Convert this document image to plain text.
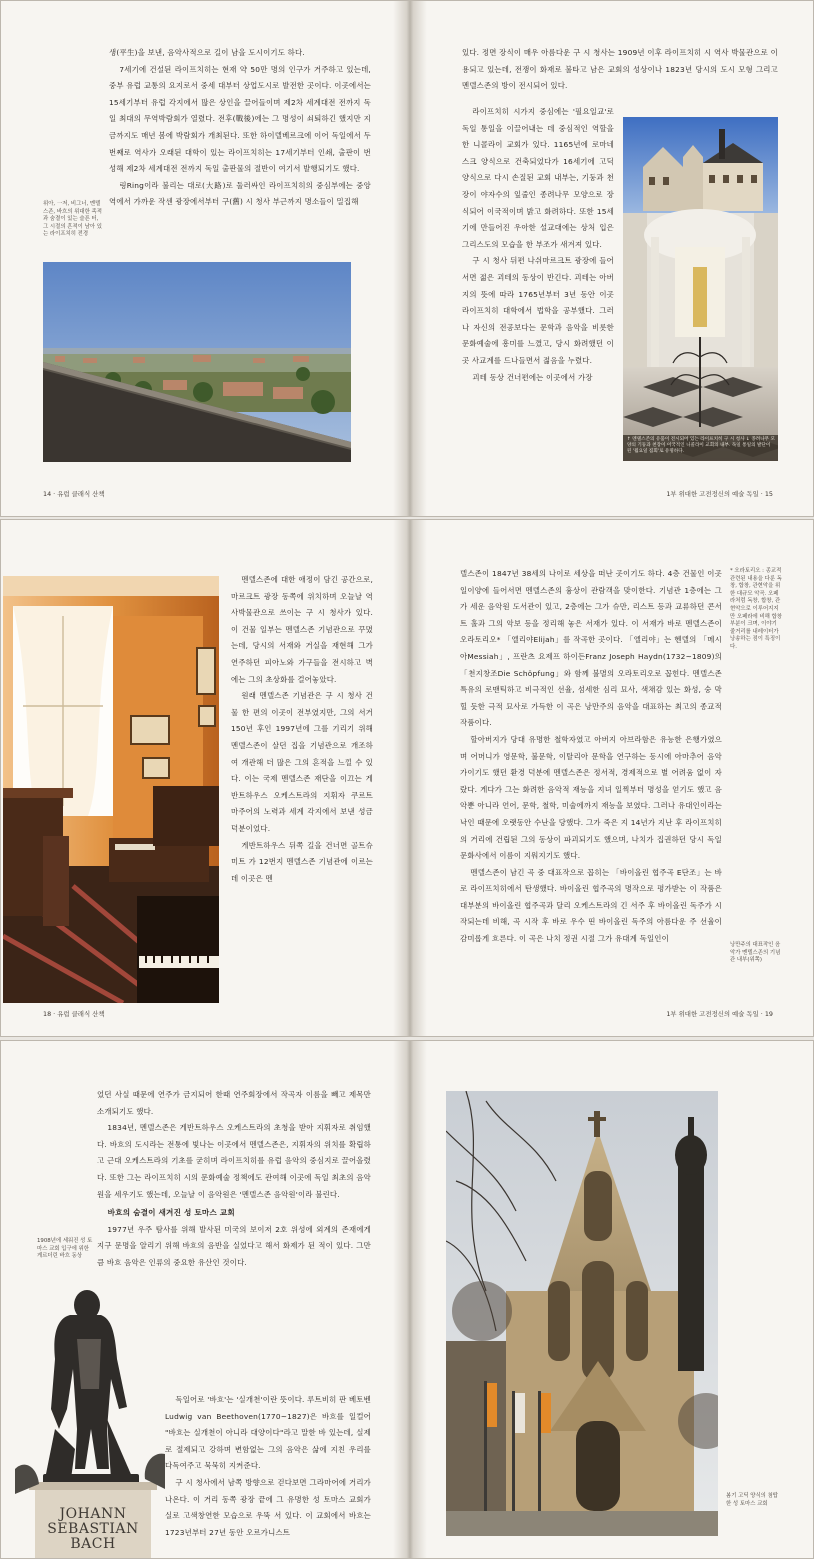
생(平生)을 보낸, 음악사적으로 길이 남을 도시이기도 하다.

7세기에 건설된 라이프치히는 현재 약 50만 명의 인구가 거주하고 있는데, 중부 유럽 교통의 요지로서 중세 대부터 상업도시로 발전한 곳이다. 이곳에서는 15세기부터 유럽 각지에서 많은 상인을 끌어들이며 제2차 세계대전 전까지 독일 최대의 무역박람회가 열렸다. 전후(戰後)에는 그 명성이 쇠퇴하긴 했지만 지금까지도 매년 봄에 박람회가 개최된다. 또한 하이델베르크에 이어 독일에서 두번째로 역사가 오래된 대학이 있는 라이프치히는 17세기부터 인쇄, 출판이 번성해 제2차 세계대전 전까지 독일 출판물의 절반이 여기서 발행되기도 했다.

링Ring이라 불리는 대로(大路)로 둘러싸인 라이프치히의 중심부에는 중앙역에서 가까운 작센 광장에서부터 구(舊) 시 청사 부근까지 명소들이 밀집해

위아, 一저, 비그너, 멘델스존, 바흐의 위대한 족적과 숨결이 있는 슬픈 터, 그 시절의 흔적이 남아 있는 라이프치히 전경
14 · 유럽 클래식 산책

있다. 정면 장식이 매우 아름다운 구 시 청사는 1909년 이후 라이프치히 시 역사 박물관으로 이용되고 있는데, 전쟁이 화재로 불타고 남은 교회의 성상이나 1823년 당시의 도시 모형 그리고 멘델스존의 방이 전시되어 있다.

라이프치히 시가지 중심에는 '필요일교'로 독일 통일을 이끌어내는 데 중심적인 역할을 한 니콜라이 교회가 있다. 1165년에 로마네스크 양식으로 건축되었다가 16세기에 고딕 양식으로 다시 손질된 교회 내부는, 기둥과 천장이 야자수의 잎줄인 종려나무 모양으로 장식되어 이국적이며 밝고 화려하다. 또한 15세기에 만들어진 우아한 설교대에는 상처 입은 그리스도의 모습을 한 부조가 새겨져 있다.

구 시 청사 뒤편 나쉬마르크트 광장에 들어서면 젊은 괴테의 동상이 반긴다. 괴테는 아버지의 뜻에 따라 1765년부터 3년 동안 이곳 라이프치히 대학에서 법학을 공부했다. 그러나 자신의 전공보다는 문학과 음악을 비롯한 문화예술에 흥미를 느꼈고, 당시 화려했던 이곳 사교계를 드나들면서 젊음을 누렸다.

괴테 동상 건너편에는 이곳에서 가장

↑ 멘델스존의 유품이 전시되어 있는 라이프치히 구 시 청사 ↓ 종려나무 모양의 기둥과 천장이 이국적인 니콜라이 교회의 내부. 독일 통일의 발단이 된 '월요일 집회'로 유명하다.
1부 위대한 고전정신의 예술 독일 · 15

멘델스존에 대한 애정이 담긴 공간으로, 마르크트 광장 동쪽에 위치하며 오늘날 역사박물관으로 쓰이는 구 시 청사가 있다. 이 건물 일부는 멘델스존 기념관으로 꾸몄는데, 당시의 서재와 거실을 재현해 그가 연주하던 피아노와 가구들을 전시하고 벽에는 그의 초상화를 걸어놓았다.

원래 멘델스존 기념관은 구 시 청사 건물 한 편의 이곳이 전부였지만, 그의 서거 150년 후인 1997년에 그를 기리기 위해 멘델스존이 살던 집을 기념관으로 개조하여 개관해 더 많은 그의 흔적을 느낄 수 있다. 이는 국제 멘델스존 재단을 이끄는 게반트하우스 오케스트라의 지휘자 쿠르트 마주어의 노력과 세계 각지에서 보낸 성금 덕분이었다.

게반트하우스 뒤쪽 길을 건너면 골트슈미트 가 12번지 멘델스존 기념관에 이르는데 이곳은 멘

18 · 유럽 클래식 산책

델스존이 1847년 38세의 나이로 세상을 떠난 곳이기도 하다. 4층 건물인 이곳 일이양에 들어서면 멘델스존의 흉상이 관람객을 맞이한다. 기념관 1층에는 그가 세운 음악원 도서관이 있고, 2층에는 그가 슈만, 리스트 등과 교류하던 콘서트 홀과 그의 악보 등을 정리해 놓은 서재가 있다. 이 서재가 바로 멘델스존이 오라토리오* 「엘리야Elijah」를 작곡한 곳이다. 「엘리야」는 헨델의 「메시아Messiah」, 프란츠 요제프 하이든Franz Joseph Haydn(1732~1809)의 「천지창조Die Schöpfung」와 함께 불멸의 오라토리오로 꼽힌다. 멘델스존 특유의 로맨틱하고 비극적인 선율, 섬세한 심리 묘사, 색채감 있는 화성, 숭 막힐 듯한 극적 묘사로 가득한 이 곡은 낭만주의 음악을 대표하는 최고의 종교적 작품이다.

할아버지가 당대 유명한 철학자였고 아버지 아브라함은 유능한 은행가였으며 어머니가 영문학, 불문학, 이탈리아 문학을 연구하는 동시에 아마추어 음악가이기도 했던 환경 덕분에 멘델스존은 정서적, 경제적으로 별 어려움 없이 자랐다. 게다가 그는 화려한 음악적 재능을 지녀 일찍부터 명성을 얻기도 했고 음악뿐 아니라 언어, 문학, 철학, 미술에까지 재능을 보였다. 그러나 유대인이라는 낙인 때문에 오랫동안 수난을 당했다. 그가 죽은 지 14년가 지난 후 라이프치히의 거리에 건립된 그의 동상이 파괴되기도 했으며, 나치가 집권하던 당시 독일 문화사에서 이름이 지워지기도 했다.

멘델스존이 남긴 곡 중 대표작으로 꼽히는 「바이올린 협주곡 E단조」는 바로 라이프치히에서 탄생했다. 바이올린 협주곡의 명작으로 평가받는 이 작품은 대부분의 바이올린 협주곡과 달리 오케스트라의 긴 서주 후 바이올린 독주가 시작되는데 비해, 곡 시작 후 바로 우수 띤 바이올린 독주의 아름다운 주 선율이 감미롭게 흐른다. 이 곡은 나치 정권 시절 그가 유대계 독일인이

* 오라토리오 : 종교적 관련된 내용을 다룬 독창, 합창, 관현악을 위한 대규모 악곡. 오페라처럼 독창, 합창, 관현악으로 이루어지지만 오페라에 비해 합창 부분이 크며, 이야기 줄거리를 내레이터가 낭송하는 점이 특징이다.
낭만주의 대표작인 음악가 멘델스존의 기념관 내부(위쪽)
1부 위대한 고전정신의 예술 독일 · 19

었던 사실 때문에 연주가 금지되어 한때 연주회장에서 작곡자 이름을 빼고 제목만 소개되기도 했다.

1834년, 멘델스존은 게반트하우스 오케스트라의 초청을 받아 지휘자로 취임했다. 바흐의 도시라는 전통에 빛나는 이곳에서 멘델스존은, 지휘자의 위치를 확립하고 근대 오케스트라의 기초를 굳히며 라이프치히를 유럽 음악의 중심지로 끌어올렸다. 또한 그는 라이프치히 시의 문화예술 정책에도 관여해 이곳에 독일 최초의 음악원을 세우기도 했는데, 오늘날 이 음악원은 '멘델스존 음악원'이라 불린다.

바흐의 숨결이 새겨진 성 토마스 교회

1977년 우주 탐사를 위해 발사된 미국의 보이저 2호 위성에 외계의 존재에게 지구 문명을 알리기 위해 바흐의 음반을 실었다고 해서 화제가 된 적이 있다. 그만큼 바흐 음악은 인류의 중요한 유산인 것이다.

독일어로 '바흐'는 '실개천'이란 뜻이다. 루트비히 판 베토벤Ludwig van Beethoven(1770~1827)은 바흐를 일컬어 "바흐는 실개천이 아니라 대양이다"라고 말한 바 있는데, 실제로 절제되고 강하며 변함없는 그의 음악은 삶에 지친 우리를 다독여주고 묵묵히 지켜준다.

구 시 청사에서 남쪽 방향으로 걷다보면 그라마어에 거리가 나온다. 이 거리 동쪽 광장 끝에 그 유명한 성 토마스 교회가 실로 고색창연한 모습으로 우뚝 서 있다. 이 교회에서 바흐는 1723년부터 27년 동안 오르가니스트

1908년에 세워진 성 토마스 교회 입구에 위한 게르더린 바흐 동상
JOHANN
SEBASTIAN
BACH
봄기 고딕 양식의 첨탑 한 성 토마스 교회
